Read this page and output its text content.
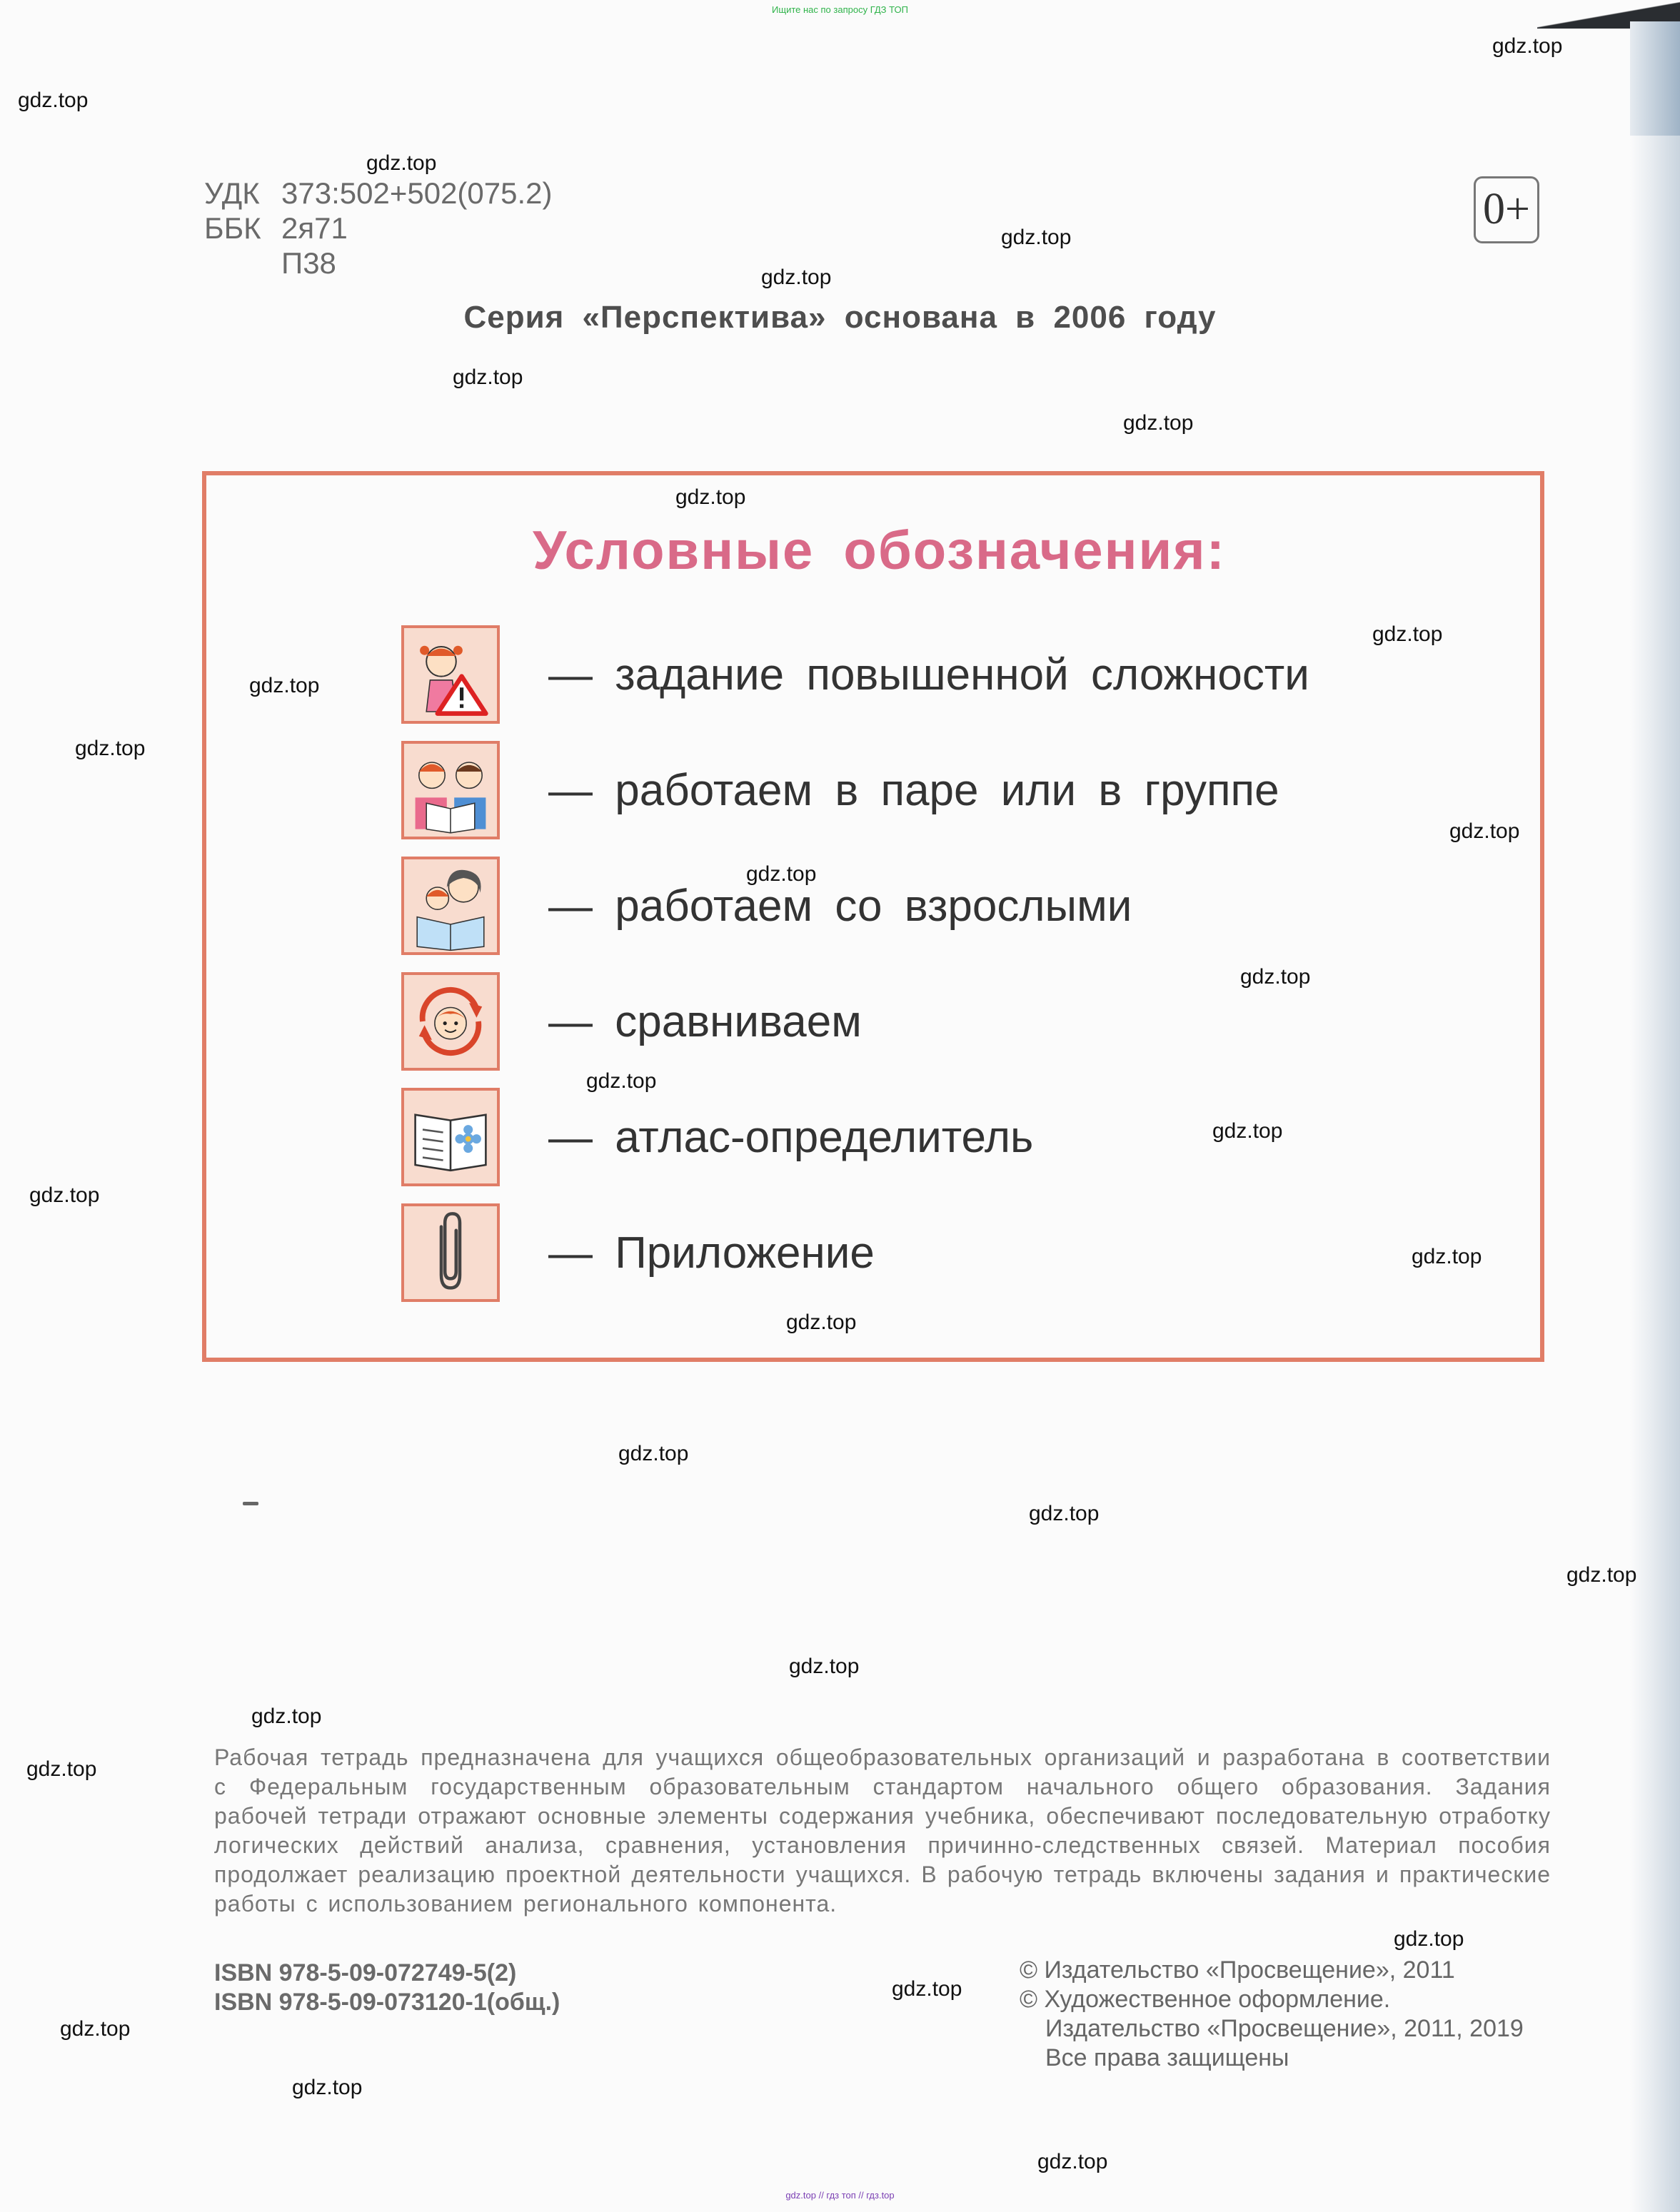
Ищите нас по запросу ГДЗ ТОП
gdz.top
gdz.top
gdz.top
gdz.top
gdz.top
gdz.top
gdz.top
gdz.top
gdz.top
gdz.top
gdz.top
gdz.top
gdz.top
gdz.top
gdz.top
gdz.top
gdz.top
gdz.top
gdz.top
gdz.top
gdz.top
gdz.top
gdz.top
gdz.top
gdz.top
gdz.top
gdz.top
gdz.top
gdz.top
gdz.top
УДК 373:502+502(075.2)
ББК 2я71
П38
0+
Серия «Перспектива» основана в 2006 году
Условные обозначения:
— задание повышенной сложности
— работаем в паре или в группе
— работаем со взрослыми
— сравниваем
— атлас-определитель
— Приложение
Рабочая тетрадь предназначена для учащихся общеобразовательных организаций и разработана в соответствии с Федеральным государственным образовательным стандартом начального общего образования. Задания рабочей тетради отражают основные элементы содержания учебника, обеспечивают последовательную отработку логических действий анализа, сравнения, установления причинно-следственных связей. Материал пособия продолжает реализацию проектной деятельности учащихся. В рабочую тетрадь включены задания и практические работы с использованием регионального компонента.
ISBN 978-5-09-072749-5(2)
ISBN 978-5-09-073120-1(общ.)
© Издательство «Просвещение», 2011
© Художественное оформление.
Издательство «Просвещение», 2011, 2019
Все права защищены
gdz.top // гдз топ // гдз.top
